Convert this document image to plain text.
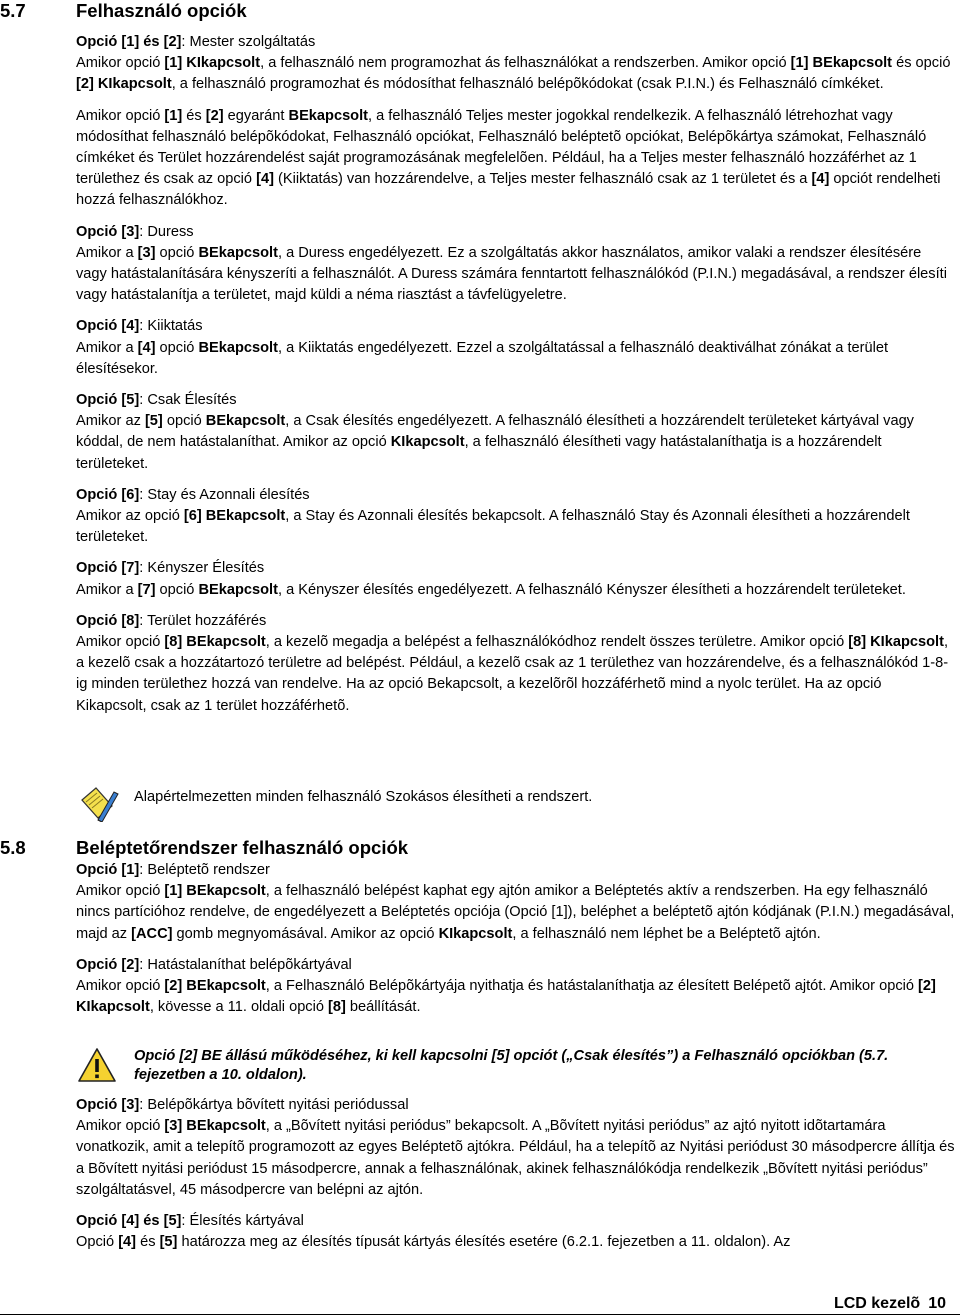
5.7	Felhasználó opciók

Opció [1] és [2]: Mester szolgáltatás

Amikor opció [1] KIkapcsolt, a felhasználó nem programozhat ás felhasználókat a rendszerben. Amikor opció [1] BEkapcsolt és opció [2] KIkapcsolt, a felhasználó programozhat és módosíthat felhasználó belépõkódokat (csak P.I.N.) és Felhasználó címkéket.

Amikor opció [1] és [2] egyaránt BEkapcsolt, a felhasználó Teljes mester jogokkal rendelkezik. A felhasználó létrehozhat vagy módosíthat felhasználó belépõkódokat, Felhasználó opciókat, Felhasználó beléptetõ opciókat, Belépõkártya számokat, Felhasználó címkéket és Terület hozzárendelést saját programozásának megfelelõen. Például, ha a Teljes mester felhasználó hozzáférhet az 1 területhez és csak az opció [4] (Kiiktatás) van hozzárendelve, a Teljes mester felhasználó csak az 1 területet és a [4] opciót rendelheti hozzá felhasználókhoz.

Opció [3]: Duress

Amikor a [3] opció BEkapcsolt, a Duress engedélyezett. Ez a szolgáltatás akkor használatos, amikor valaki a rendszer élesítésére vagy hatástalanítására kényszeríti a felhasználót. A Duress számára fenntartott felhasználókód (P.I.N.) megadásával, a rendszer élesíti vagy hatástalanítja a területet, majd küldi a néma riasztást a távfelügyeletre.

Opció [4]: Kiiktatás

Amikor a [4] opció BEkapcsolt, a Kiiktatás engedélyezett. Ezzel a szolgáltatással a felhasználó deaktiválhat zónákat a terület élesítésekor.

Opció [5]: Csak Élesítés

Amikor az [5] opció BEkapcsolt, a Csak élesítés engedélyezett. A felhasználó élesítheti a hozzárendelt területeket kártyával vagy kóddal, de nem hatástalaníthat. Amikor az opció KIkapcsolt, a felhasználó élesítheti vagy hatástalaníthatja is a hozzárendelt területeket.

Opció [6]: Stay és Azonnali élesítés

Amikor az opció [6] BEkapcsolt, a Stay és Azonnali élesítés bekapcsolt. A felhasználó Stay és Azonnali élesítheti a hozzárendelt területeket.

Opció [7]: Kényszer Élesítés

Amikor a [7] opció BEkapcsolt, a Kényszer élesítés engedélyezett. A felhasználó Kényszer élesítheti a hozzárendelt területeket.

Opció [8]: Terület hozzáférés

Amikor opció [8] BEkapcsolt, a kezelõ megadja a belépést a felhasználókódhoz rendelt összes területre. Amikor opció [8] KIkapcsolt, a kezelõ csak a hozzátartozó területre ad belépést. Például, a kezelõ csak az 1 területhez van hozzárendelve, és a felhasználókód 1-8-ig minden területhez hozzá van rendelve. Ha az opció Bekapcsolt, a kezelõrõl hozzáférhetõ mind a nyolc terület. Ha az opció Kikapcsolt, csak az 1 terület hozzáférhetõ.

Alapértelmezetten minden felhasználó Szokásos élesítheti a rendszert.
5.8	Beléptetőrendszer felhasználó opciók

Opció [1]: Beléptetõ rendszer

Amikor opció [1] BEkapcsolt, a felhasználó belépést kaphat egy ajtón amikor a Beléptetés aktív a rendszerben. Ha egy felhasználó nincs partícióhoz rendelve, de engedélyezett a Beléptetés opciója (Opció [1]), beléphet a beléptetõ ajtón kódjának (P.I.N.) megadásával, majd az [ACC] gomb megnyomásával. Amikor az opció KIkapcsolt, a felhasználó nem léphet be a Beléptetõ ajtón.

Opció [2]: Hatástalaníthat belépõkártyával

Amikor opció [2] BEkapcsolt, a Felhasználó Belépõkártyája nyithatja és hatástalaníthatja az élesített Belépetõ ajtót. Amikor opció [2] KIkapcsolt, kövesse a 11. oldali opció [8] beállítását.

Opció [2] BE állású működéséhez, ki kell kapcsolni [5] opciót („Csak élesítés”) a Felhasználó opciókban (5.7. fejezetben a 10. oldalon).

Opció [3]: Belépõkártya bõvített nyitási periódussal

Amikor opció [3] BEkapcsolt, a „Bõvített nyitási periódus” bekapcsolt. A „Bõvített nyitási periódus” az ajtó nyitott idõtartamára vonatkozik, amit a telepítõ programozott az egyes Beléptetõ ajtókra. Például, ha a telepítõ az Nyitási periódust 30 másodpercre állítja és a Bõvített nyitási periódust 15 másodpercre, annak a felhasználónak, akinek felhasználókódja rendelkezik „Bõvített nyitási periódus” szolgáltatásvel, 45 másodpercre van belépni az ajtón.

Opció [4] és [5]: Élesítés kártyával

Opció [4] és [5] határozza meg az élesítés típusát kártyás élesítés esetére (6.2.1. fejezetben a 11. oldalon). Az

LCD kezelõ 10
